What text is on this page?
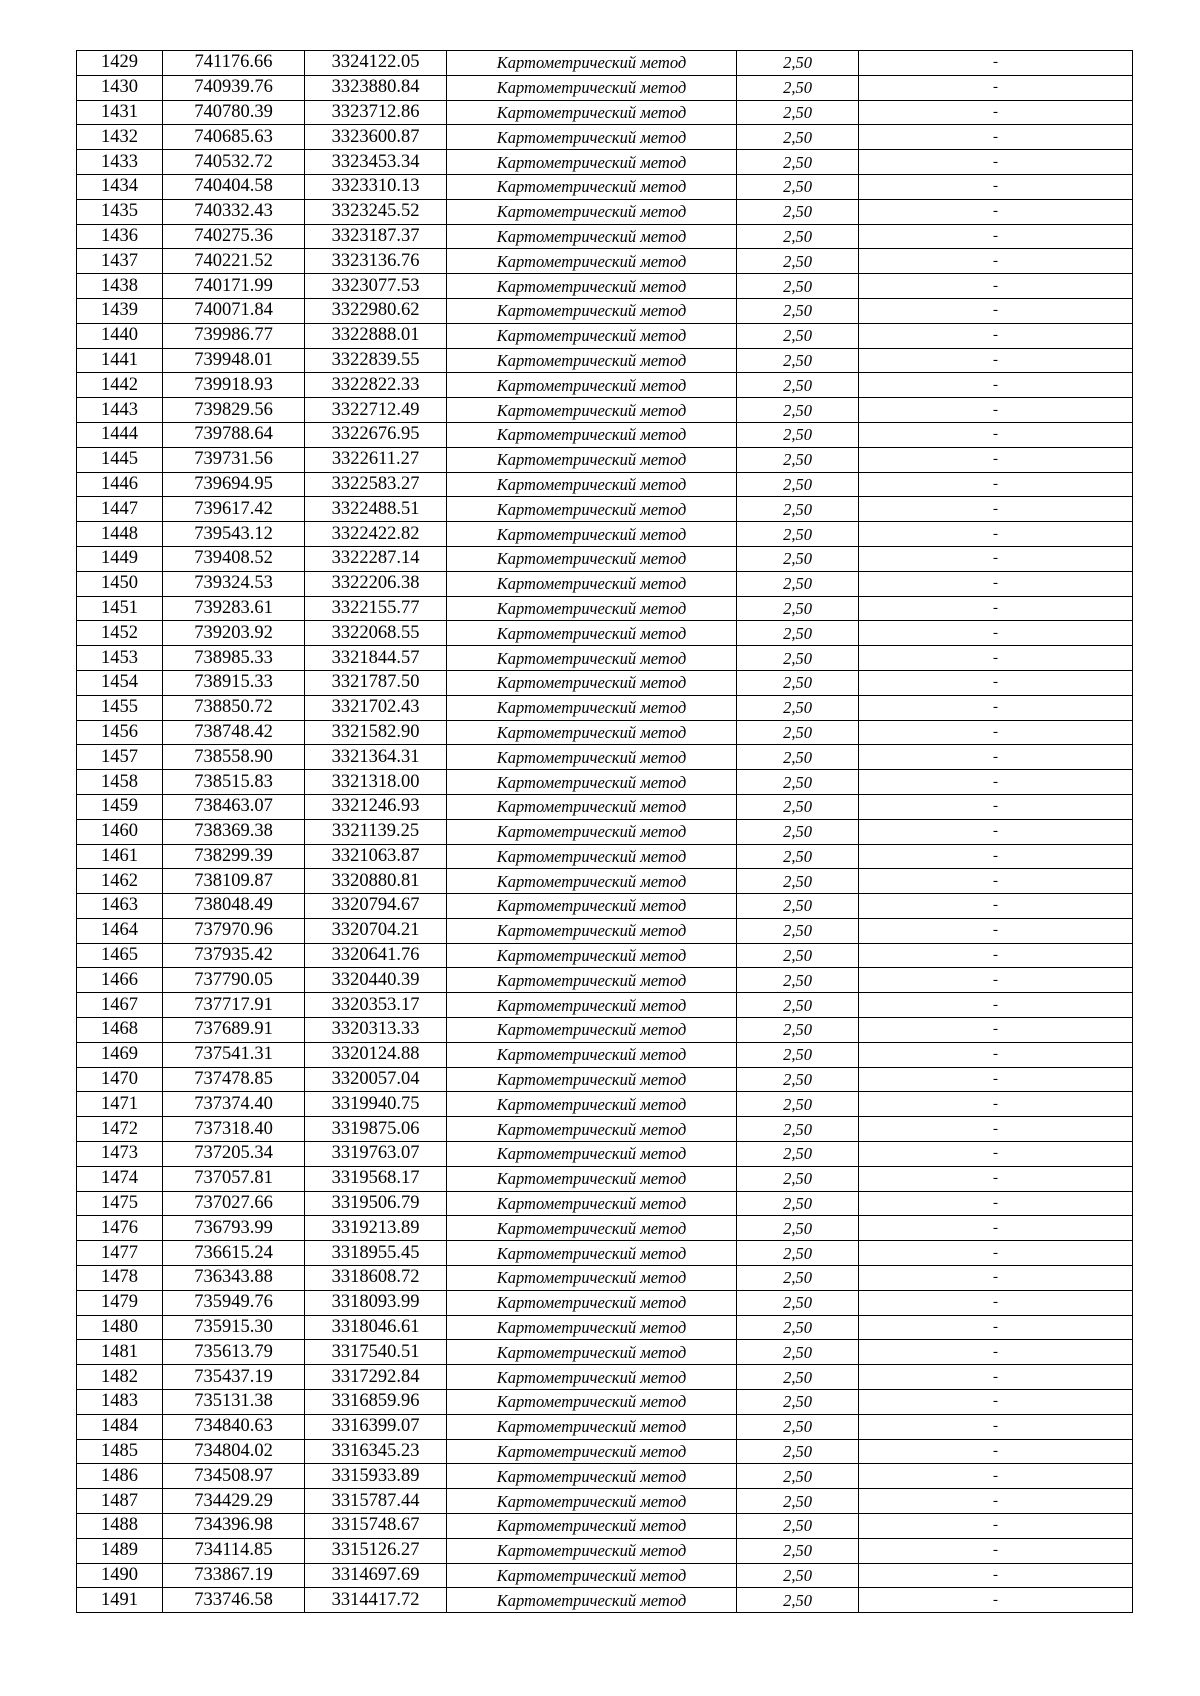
1429	741176.66	3324122.05	Картометрический метод	2,50	-
1430	740939.76	3323880.84	Картометрический метод	2,50	-
1431	740780.39	3323712.86	Картометрический метод	2,50	-
1432	740685.63	3323600.87	Картометрический метод	2,50	-
1433	740532.72	3323453.34	Картометрический метод	2,50	-
1434	740404.58	3323310.13	Картометрический метод	2,50	-
1435	740332.43	3323245.52	Картометрический метод	2,50	-
1436	740275.36	3323187.37	Картометрический метод	2,50	-
1437	740221.52	3323136.76	Картометрический метод	2,50	-
1438	740171.99	3323077.53	Картометрический метод	2,50	-
1439	740071.84	3322980.62	Картометрический метод	2,50	-
1440	739986.77	3322888.01	Картометрический метод	2,50	-
1441	739948.01	3322839.55	Картометрический метод	2,50	-
1442	739918.93	3322822.33	Картометрический метод	2,50	-
1443	739829.56	3322712.49	Картометрический метод	2,50	-
1444	739788.64	3322676.95	Картометрический метод	2,50	-
1445	739731.56	3322611.27	Картометрический метод	2,50	-
1446	739694.95	3322583.27	Картометрический метод	2,50	-
1447	739617.42	3322488.51	Картометрический метод	2,50	-
1448	739543.12	3322422.82	Картометрический метод	2,50	-
1449	739408.52	3322287.14	Картометрический метод	2,50	-
1450	739324.53	3322206.38	Картометрический метод	2,50	-
1451	739283.61	3322155.77	Картометрический метод	2,50	-
1452	739203.92	3322068.55	Картометрический метод	2,50	-
1453	738985.33	3321844.57	Картометрический метод	2,50	-
1454	738915.33	3321787.50	Картометрический метод	2,50	-
1455	738850.72	3321702.43	Картометрический метод	2,50	-
1456	738748.42	3321582.90	Картометрический метод	2,50	-
1457	738558.90	3321364.31	Картометрический метод	2,50	-
1458	738515.83	3321318.00	Картометрический метод	2,50	-
1459	738463.07	3321246.93	Картометрический метод	2,50	-
1460	738369.38	3321139.25	Картометрический метод	2,50	-
1461	738299.39	3321063.87	Картометрический метод	2,50	-
1462	738109.87	3320880.81	Картометрический метод	2,50	-
1463	738048.49	3320794.67	Картометрический метод	2,50	-
1464	737970.96	3320704.21	Картометрический метод	2,50	-
1465	737935.42	3320641.76	Картометрический метод	2,50	-
1466	737790.05	3320440.39	Картометрический метод	2,50	-
1467	737717.91	3320353.17	Картометрический метод	2,50	-
1468	737689.91	3320313.33	Картометрический метод	2,50	-
1469	737541.31	3320124.88	Картометрический метод	2,50	-
1470	737478.85	3320057.04	Картометрический метод	2,50	-
1471	737374.40	3319940.75	Картометрический метод	2,50	-
1472	737318.40	3319875.06	Картометрический метод	2,50	-
1473	737205.34	3319763.07	Картометрический метод	2,50	-
1474	737057.81	3319568.17	Картометрический метод	2,50	-
1475	737027.66	3319506.79	Картометрический метод	2,50	-
1476	736793.99	3319213.89	Картометрический метод	2,50	-
1477	736615.24	3318955.45	Картометрический метод	2,50	-
1478	736343.88	3318608.72	Картометрический метод	2,50	-
1479	735949.76	3318093.99	Картометрический метод	2,50	-
1480	735915.30	3318046.61	Картометрический метод	2,50	-
1481	735613.79	3317540.51	Картометрический метод	2,50	-
1482	735437.19	3317292.84	Картометрический метод	2,50	-
1483	735131.38	3316859.96	Картометрический метод	2,50	-
1484	734840.63	3316399.07	Картометрический метод	2,50	-
1485	734804.02	3316345.23	Картометрический метод	2,50	-
1486	734508.97	3315933.89	Картометрический метод	2,50	-
1487	734429.29	3315787.44	Картометрический метод	2,50	-
1488	734396.98	3315748.67	Картометрический метод	2,50	-
1489	734114.85	3315126.27	Картометрический метод	2,50	-
1490	733867.19	3314697.69	Картометрический метод	2,50	-
1491	733746.58	3314417.72	Картометрический метод	2,50	-
